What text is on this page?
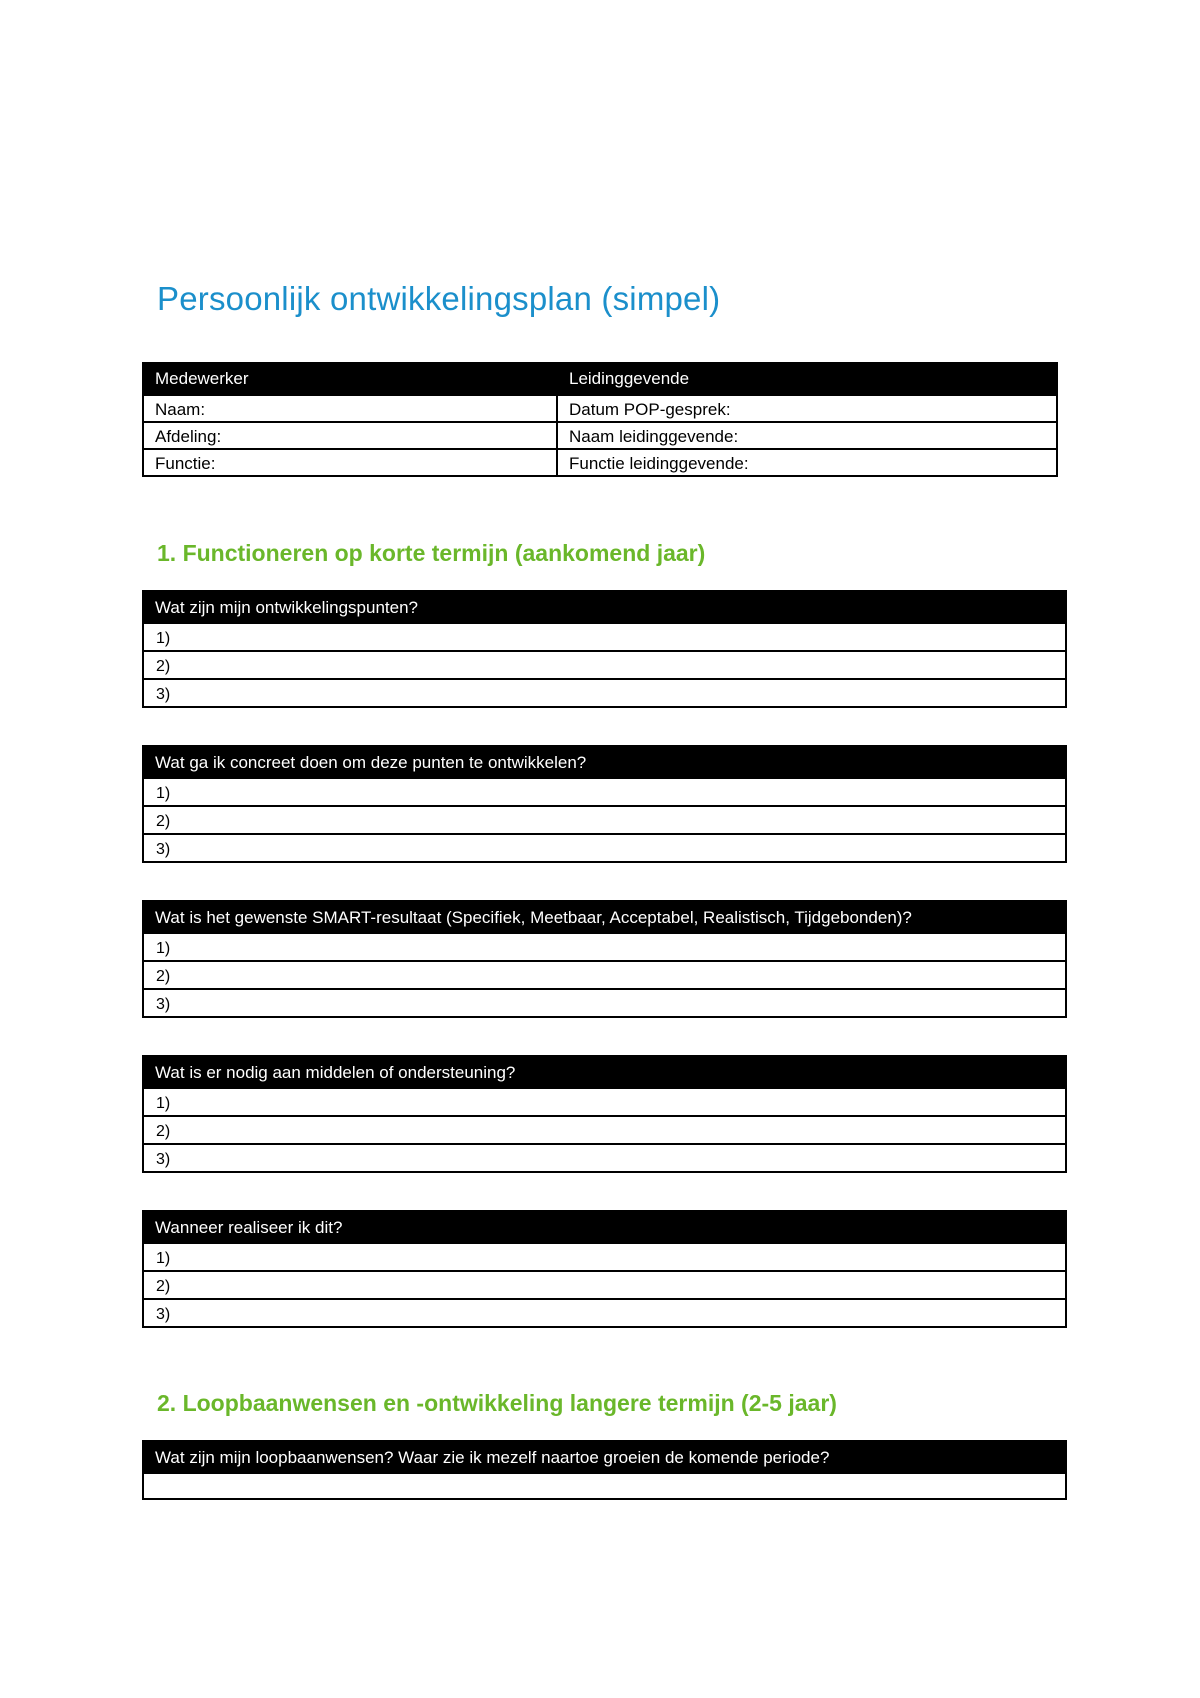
Persoonlijk ontwikkelingsplan (simpel)
Medewerker	Leidinggevende
Naam:	Datum POP-gesprek:
Afdeling:	Naam leidinggevende:
Functie:	Functie leidinggevende:
1. Functioneren op korte termijn (aankomend jaar)
Wat zijn mijn ontwikkelingspunten?
1)
2)
3)
Wat ga ik concreet doen om deze punten te ontwikkelen?
1)
2)
3)
Wat is het gewenste SMART-resultaat (Specifiek, Meetbaar, Acceptabel, Realistisch, Tijdgebonden)?
1)
2)
3)
Wat is er nodig aan middelen of ondersteuning?
1)
2)
3)
Wanneer realiseer ik dit?
1)
2)
3)
2. Loopbaanwensen en -ontwikkeling langere termijn (2-5 jaar)
Wat zijn mijn loopbaanwensen? Waar zie ik mezelf naartoe groeien de komende periode?
